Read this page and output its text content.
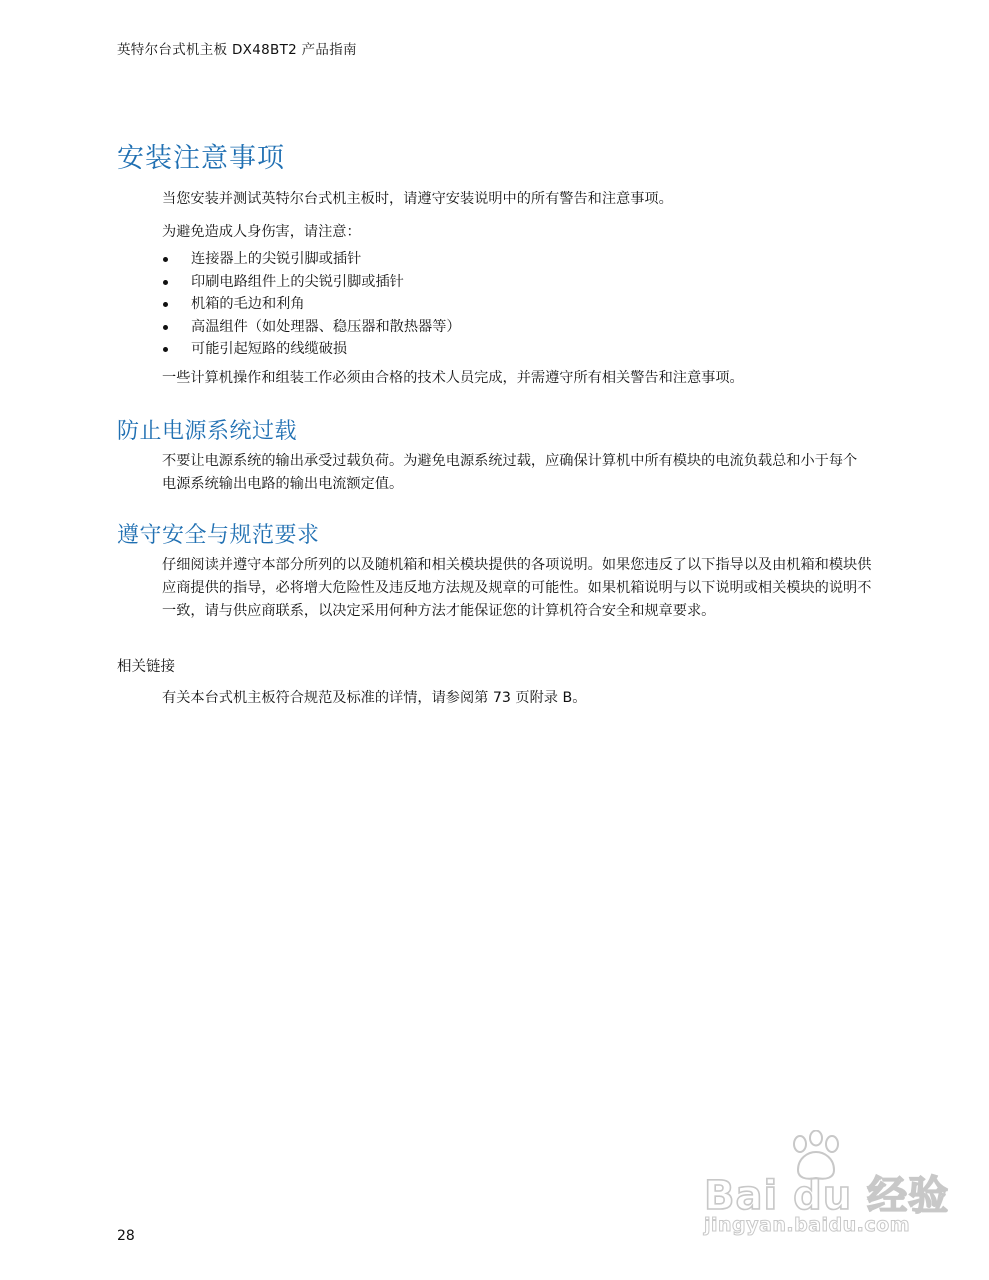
英特尔台式机主板 DX48BT2 产品指南
安装注意事项

当您安装并测试英特尔台式机主板时，请遵守安装说明中的所有警告和注意事项。

为避免造成人身伤害，请注意：

连接器上的尖锐引脚或插针
印刷电路组件上的尖锐引脚或插针
机箱的毛边和利角
高温组件（如处理器、稳压器和散热器等）
可能引起短路的线缆破损

一些计算机操作和组装工作必须由合格的技术人员完成，并需遵守所有相关警告和注意事项。

防止电源系统过载

不要让电源系统的输出承受过载负荷。为避免电源系统过载，应确保计算机中所有模块的电流负载总和小于每个电源系统输出电路的输出电流额定值。

遵守安全与规范要求

仔细阅读并遵守本部分所列的以及随机箱和相关模块提供的各项说明。如果您违反了以下指导以及由机箱和模块供应商提供的指导，必将增大危险性及违反地方法规及规章的可能性。如果机箱说明与以下说明或相关模块的说明不一致，请与供应商联系，以决定采用何种方法才能保证您的计算机符合安全和规章要求。

相关链接

有关本台式机主板符合规范及标准的详情，请参阅第 73 页附录 B。

28
Bai du 经验
jingyan.baidu.com
